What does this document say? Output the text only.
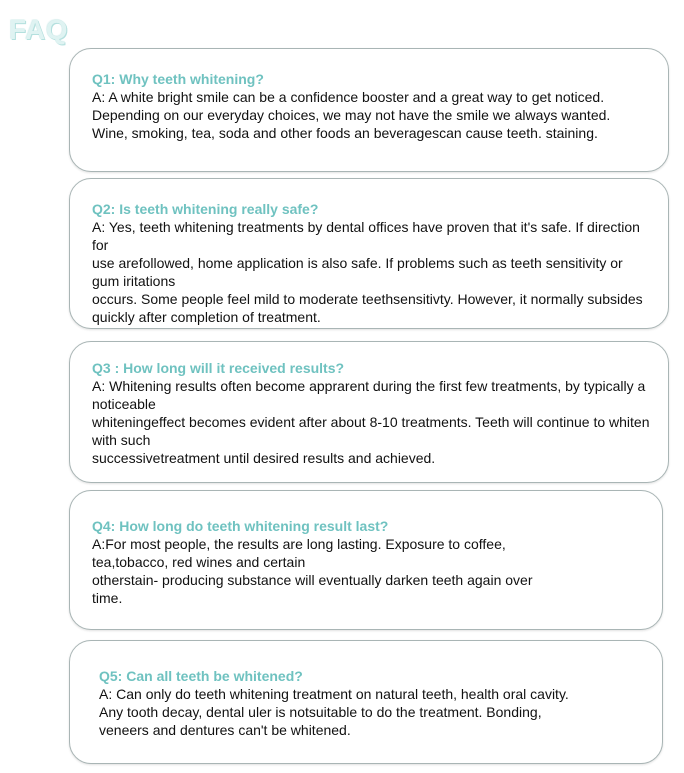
FAQ
Q1: Why teeth whitening?
A: A white bright smile can be a confidence booster and a great way to get noticed. Depending on our everyday choices, we may not have the smile we always wanted. Wine, smoking, tea, soda and other foods an beveragescan cause teeth. staining.
Q2: Is teeth whitening really safe?
A: Yes, teeth whitening treatments by dental offices have proven that it's safe. If direction for
use arefollowed, home application is also safe. If problems such as teeth sensitivity or gum iritations
occurs. Some people feel mild to moderate teethsensitivty. However, it normally subsides quickly after completion of treatment.
Q3 : How long will it received results?
A: Whitening results often become apprarent during the first few treatments, by typically a noticeable
whiteningeffect becomes evident after about 8-10 treatments. Teeth will continue to whiten with such
successivetreatment until desired results and achieved.
Q4: How long do teeth whitening result last?
A:For most people, the results are long lasting. Exposure to coffee,
tea,tobacco, red wines and certain
otherstain- producing substance will eventually darken teeth again over
time.
Q5: Can all teeth be whitened?
A: Can only do teeth whitening treatment on natural teeth, health oral cavity.
Any tooth decay, dental uler is notsuitable to do the treatment. Bonding,
veneers and dentures can't be whitened.
